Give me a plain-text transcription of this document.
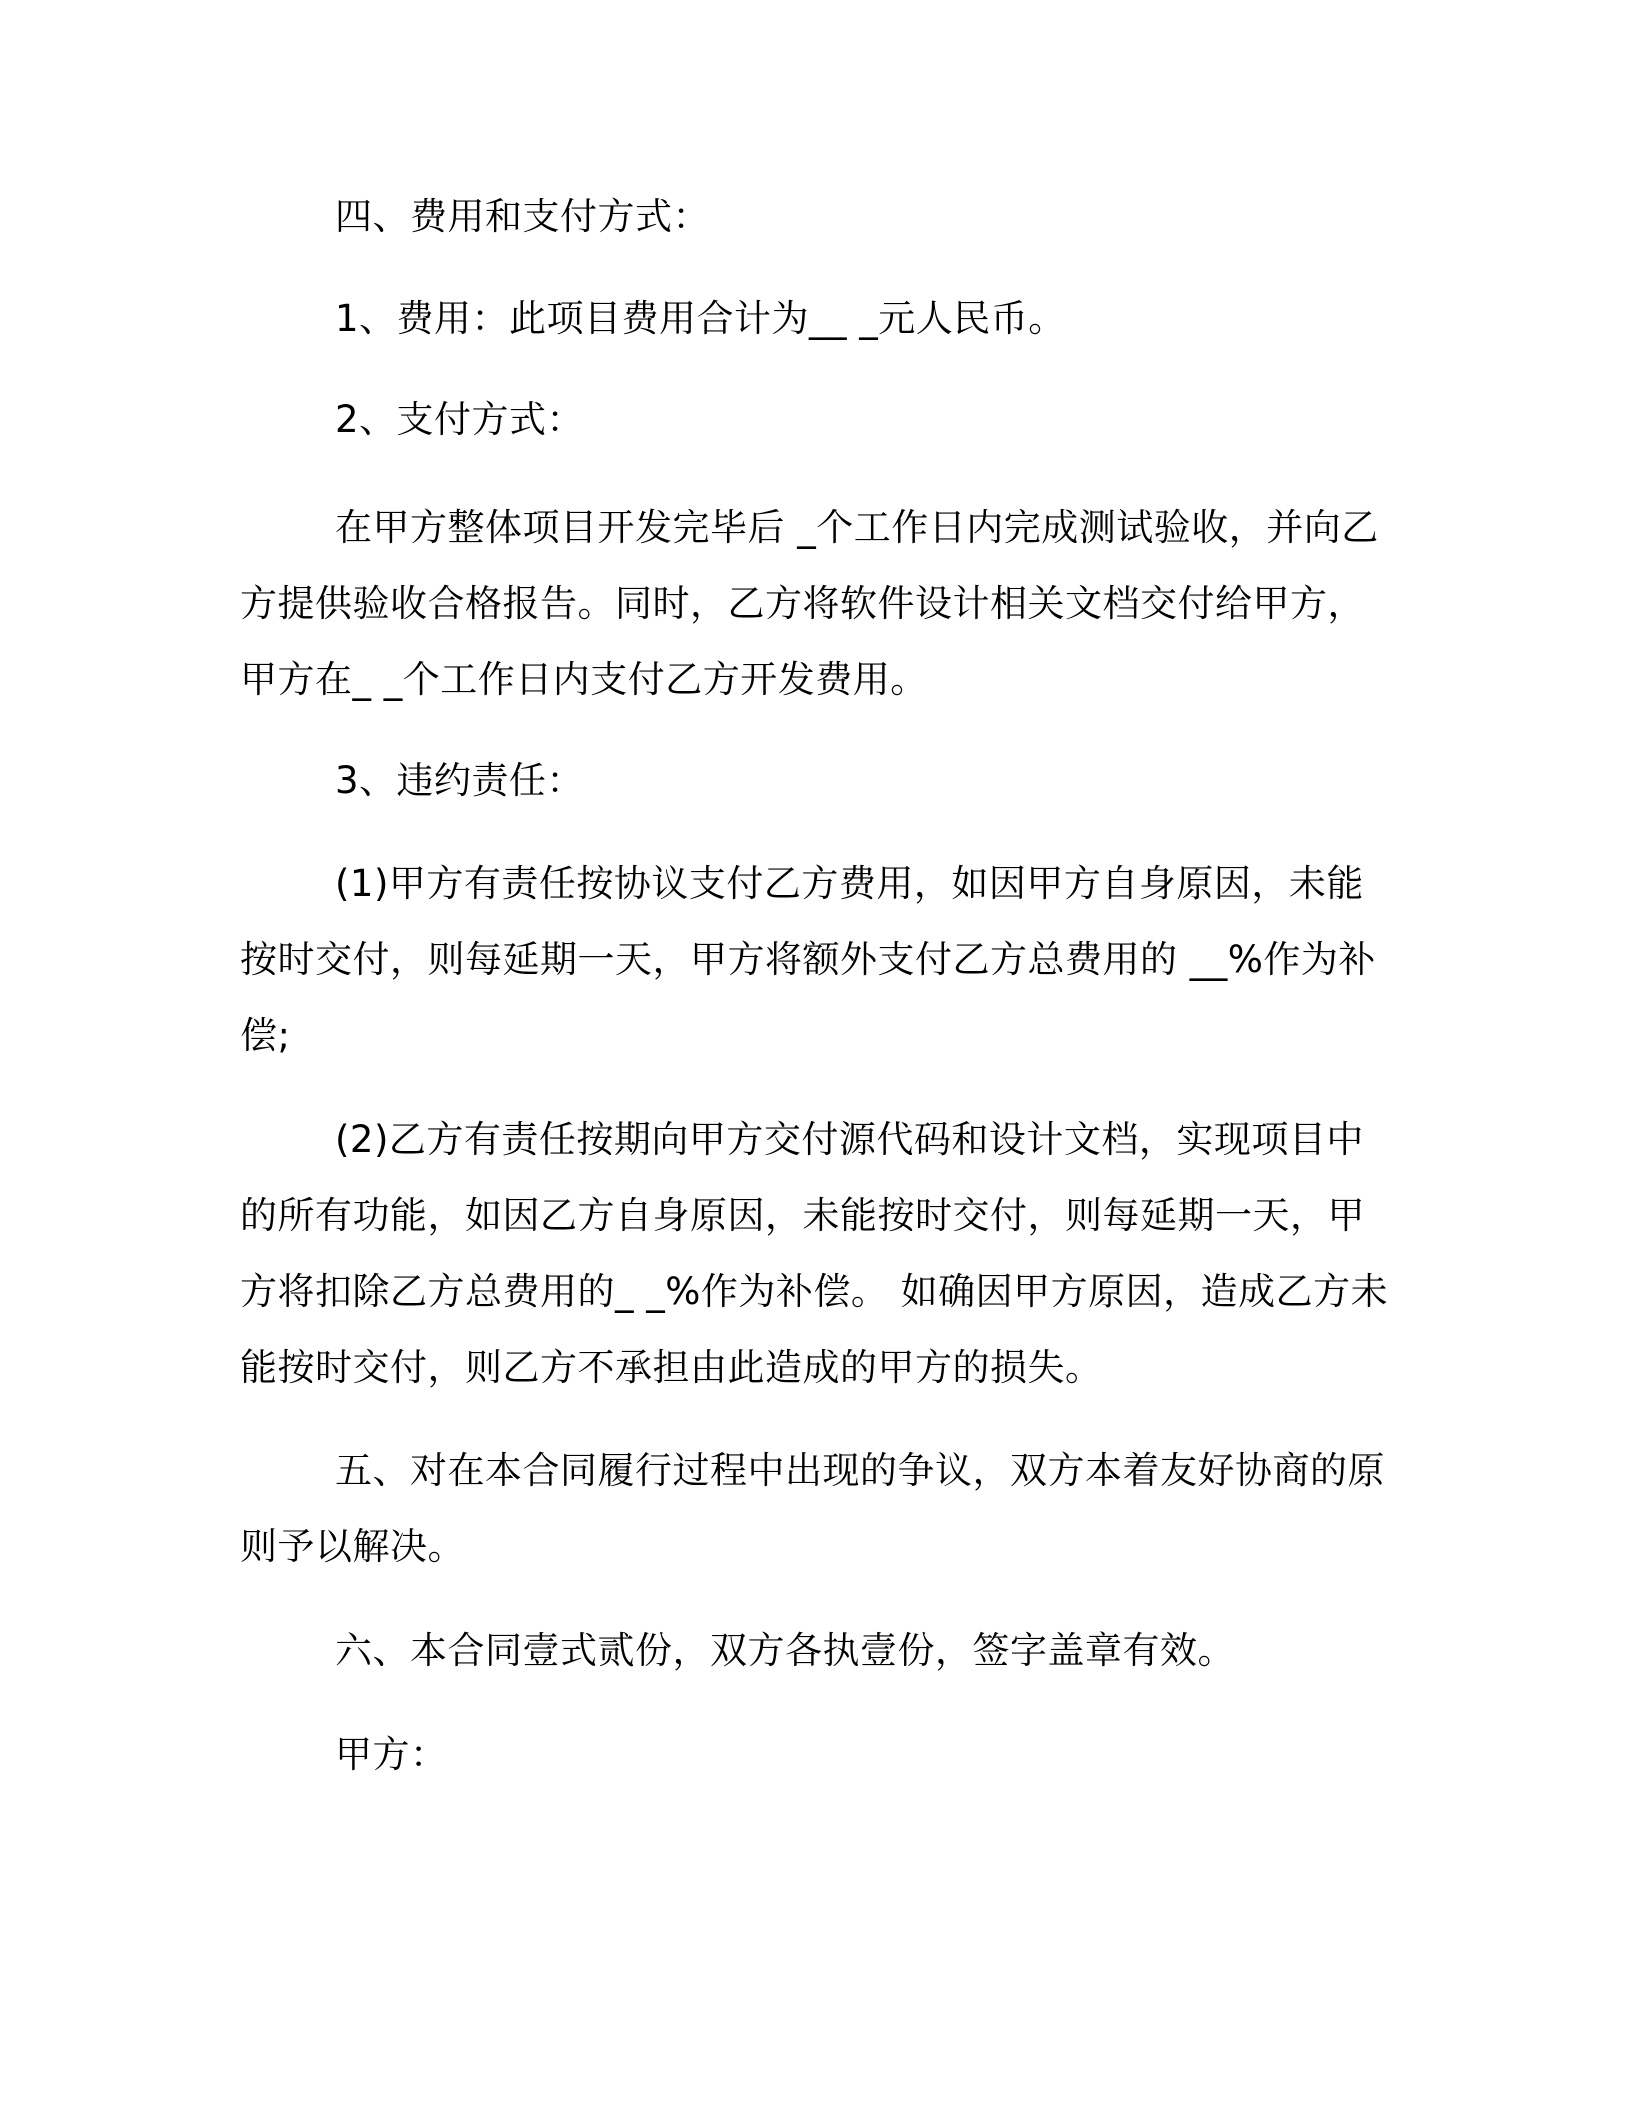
四、费用和支付方式：
1、费用：此项目费用合计为__ _元人民币。
2、支付方式：
在甲方整体项目开发完毕后 _个工作日内完成测试验收，并向乙
方提供验收合格报告。同时，乙方将软件设计相关文档交付给甲方，
甲方在_ _个工作日内支付乙方开发费用。
3、违约责任：
(1)甲方有责任按协议支付乙方费用，如因甲方自身原因，未能
按时交付，则每延期一天，甲方将额外支付乙方总费用的 __%作为补
偿;
(2)乙方有责任按期向甲方交付源代码和设计文档，实现项目中
的所有功能，如因乙方自身原因，未能按时交付，则每延期一天，甲
方将扣除乙方总费用的_ _%作为补偿。 如确因甲方原因，造成乙方未
能按时交付，则乙方不承担由此造成的甲方的损失。
五、对在本合同履行过程中出现的争议，双方本着友好协商的原
则予以解决。
六、本合同壹式贰份，双方各执壹份，签字盖章有效。
甲方：
